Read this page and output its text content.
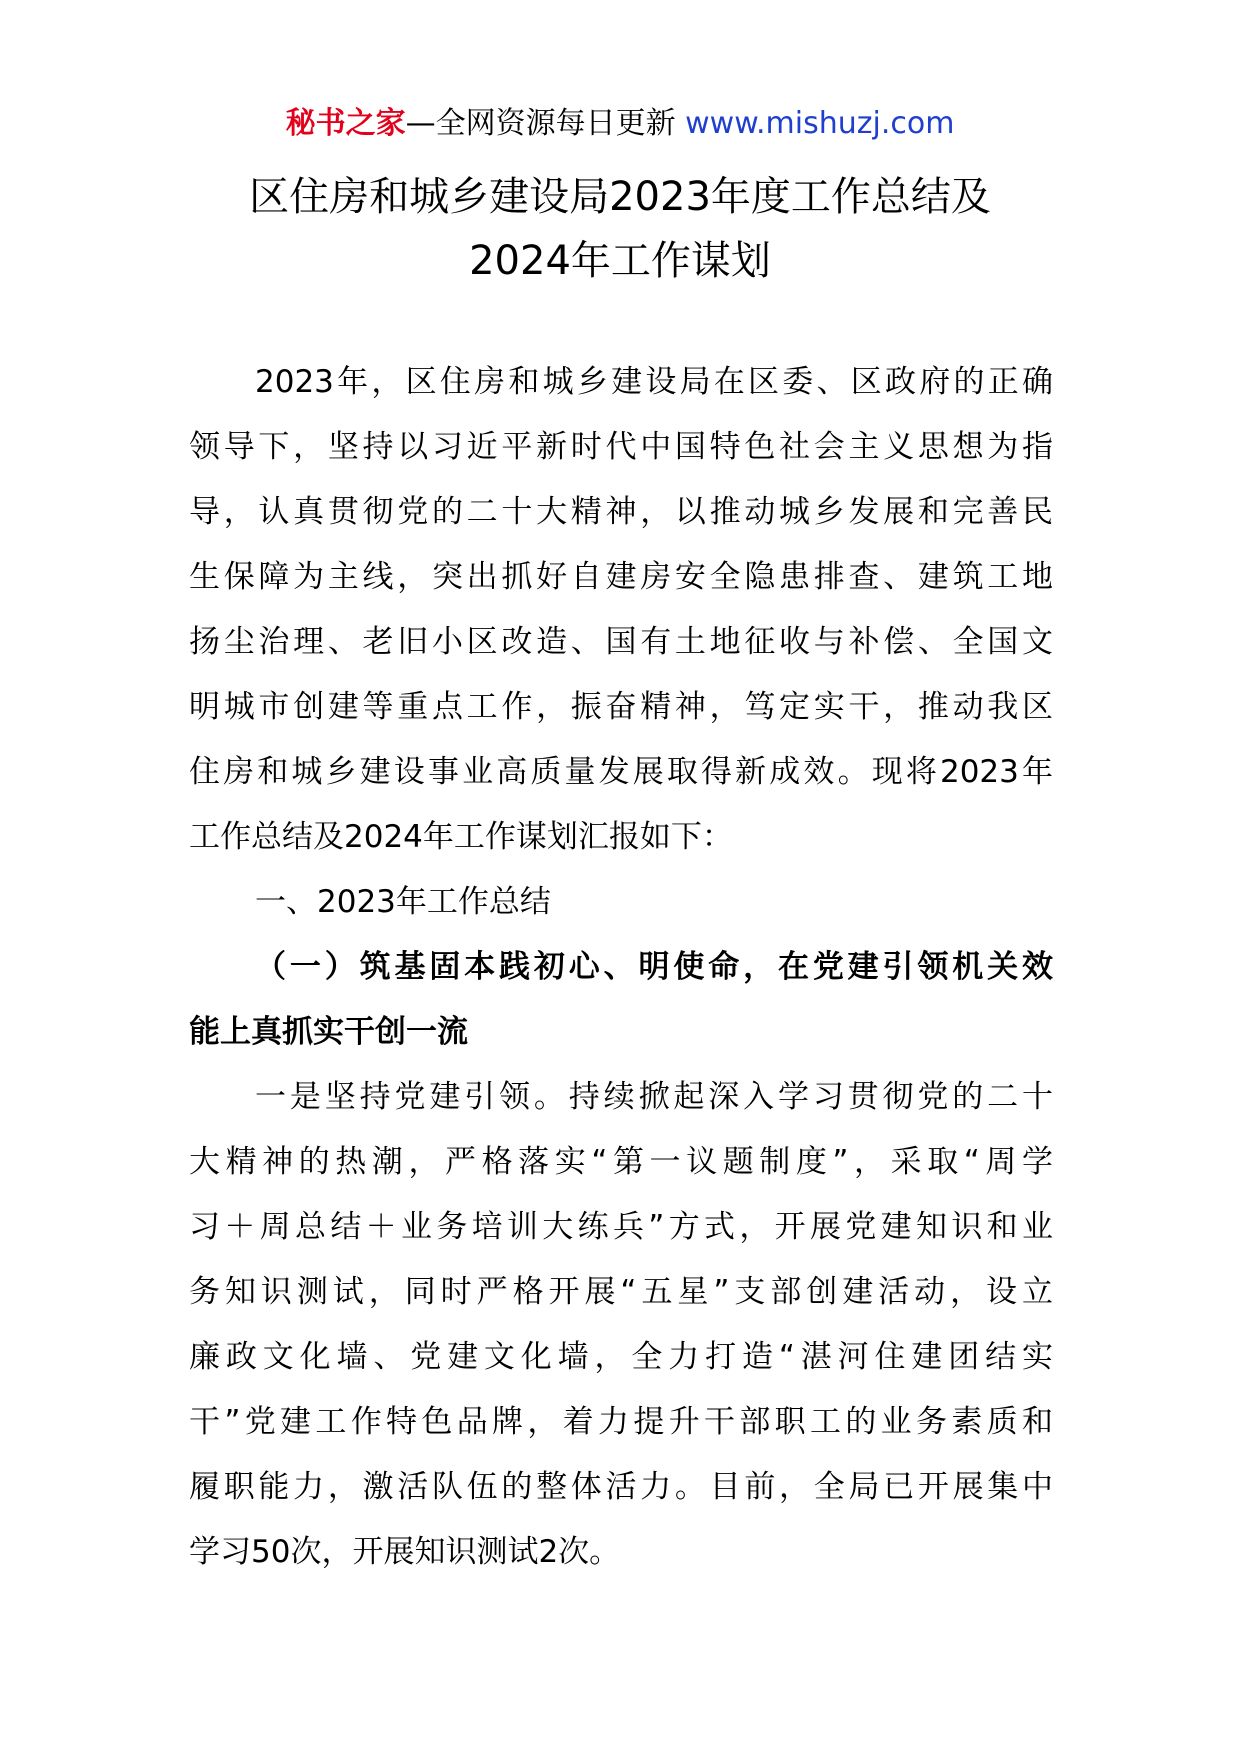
秘书之家—全网资源每日更新 www.mishuzj.com
区住房和城乡建设局2023年度工作总结及
2024年工作谋划
2023年，区住房和城乡建设局在区委、区政府的正确
领导下，坚持以习近平新时代中国特色社会主义思想为指
导，认真贯彻党的二十大精神，以推动城乡发展和完善民
生保障为主线，突出抓好自建房安全隐患排查、建筑工地
扬尘治理、老旧小区改造、国有土地征收与补偿、全国文
明城市创建等重点工作，振奋精神，笃定实干，推动我区
住房和城乡建设事业高质量发展取得新成效。现将2023年
工作总结及2024年工作谋划汇报如下：
一、2023年工作总结
（一）筑基固本践初心、明使命，在党建引领机关效
能上真抓实干创一流
一是坚持党建引领。持续掀起深入学习贯彻党的二十
大精神的热潮，严格落实“第一议题制度”，采取“周学
习＋周总结＋业务培训大练兵”方式，开展党建知识和业
务知识测试，同时严格开展“五星”支部创建活动，设立
廉政文化墙、党建文化墙，全力打造“湛河住建团结实
干”党建工作特色品牌，着力提升干部职工的业务素质和
履职能力，激活队伍的整体活力。目前，全局已开展集中
学习50次，开展知识测试2次。
